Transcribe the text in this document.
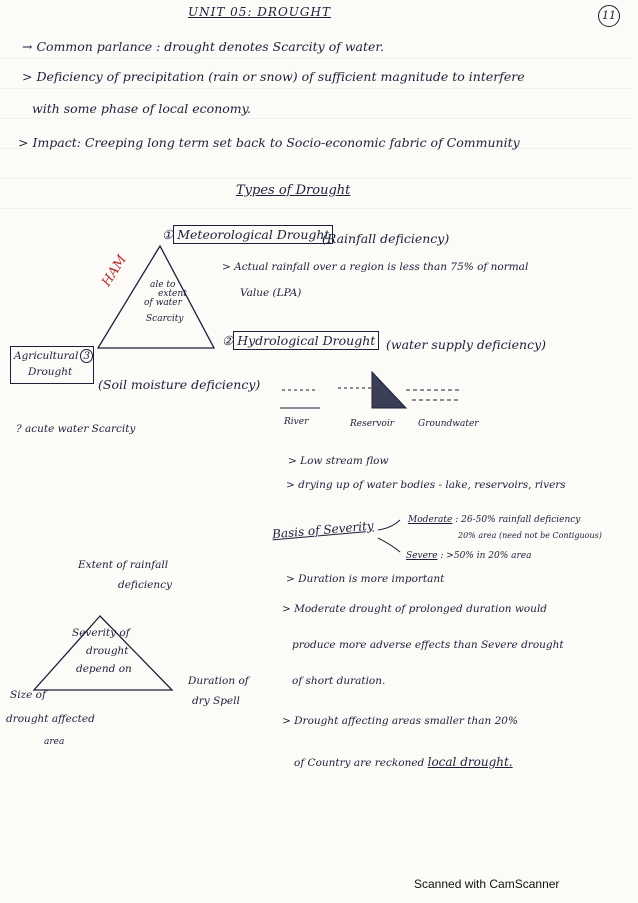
UNIT 05: DROUGHT	11
→ Common parlance : drought denotes Scarcity of water.
> Deficiency of precipitation (rain or snow) of sufficient magnitude to interfere
with some phase of local economy.
> Impact: Creeping long term set back to Socio-economic fabric of Community
Types of Drought
① Meteorological Drought
(Rainfall deficiency)
> Actual rainfall over a region is less than 75% of normal
Value (LPA)
HAM ale to
extent
of water
Scarcity
② Hydrological Drought (water supply deficiency)
Agricultural 3
Drought
(Soil moisture deficiency)
River	Reservoir	Groundwater
? acute water Scarcity
> Low stream flow
> drying up of water bodies - lake, reservoirs, rivers
Basis of Severity	Moderate : 26-50% rainfall deficiency
20% area (need not be Contiguous)
Severe : >50% in 20% area
Extent of rainfall
deficiency
Severity of
drought
depend on
Duration of
dry Spell
Size of
drought affected
area
> Duration is more important
> Moderate drought of prolonged duration would
produce more adverse effects than Severe drought
of short duration.
> Drought affecting areas smaller than 20%
of Country are reckoned local drought.
Scanned with CamScanner
